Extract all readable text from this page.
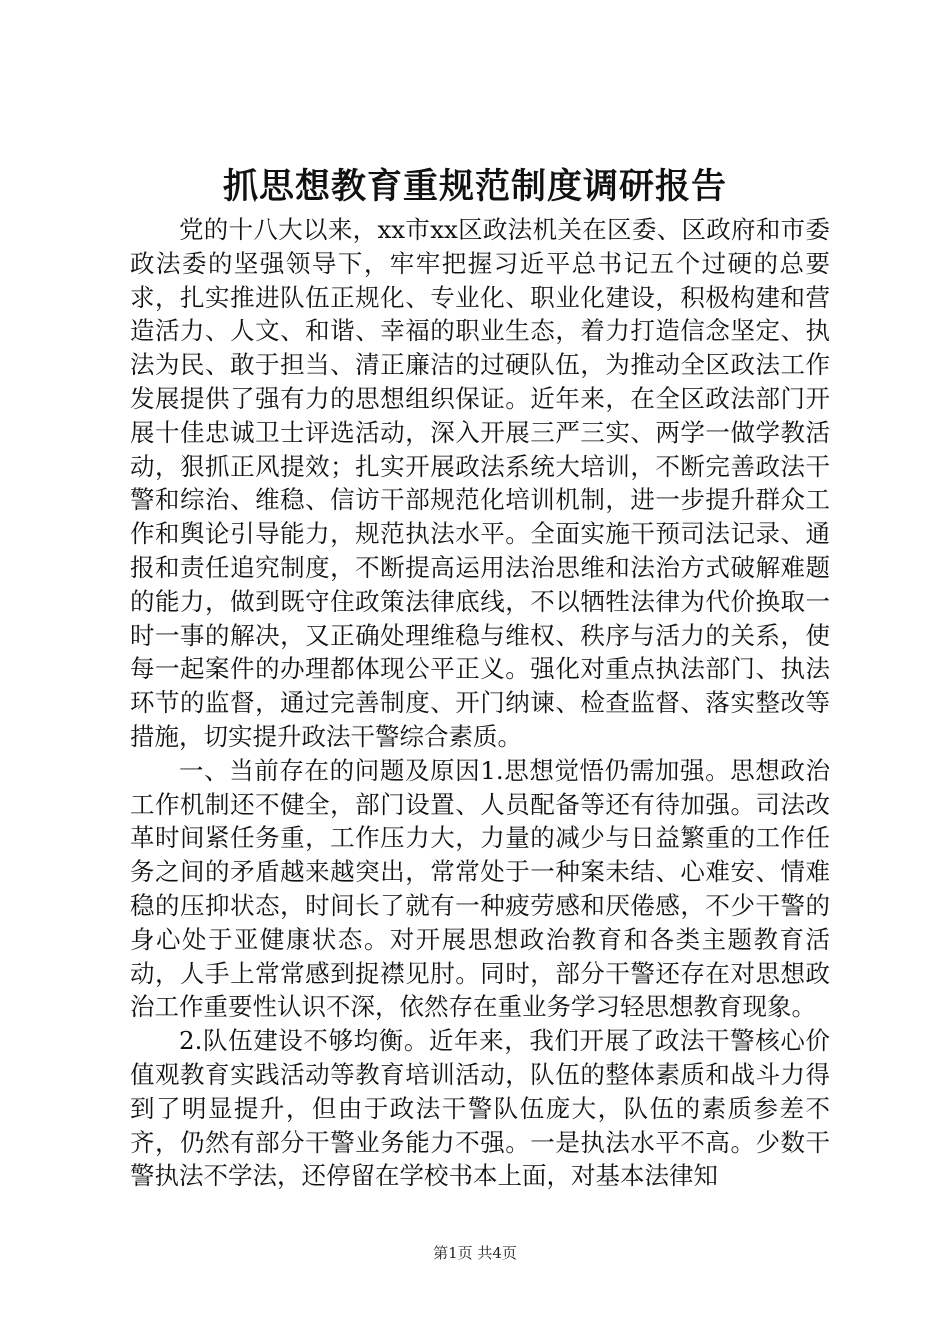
抓思想教育重规范制度调研报告

党的十八大以来，xx市xx区政法机关在区委、区政府和市委政法委的坚强领导下，牢牢把握习近平总书记五个过硬的总要求，扎实推进队伍正规化、专业化、职业化建设，积极构建和营造活力、人文、和谐、幸福的职业生态，着力打造信念坚定、执法为民、敢于担当、清正廉洁的过硬队伍，为推动全区政法工作发展提供了强有力的思想组织保证。近年来，在全区政法部门开展十佳忠诚卫士评选活动，深入开展三严三实、两学一做学教活动，狠抓正风提效；扎实开展政法系统大培训，不断完善政法干警和综治、维稳、信访干部规范化培训机制，进一步提升群众工作和舆论引导能力，规范执法水平。全面实施干预司法记录、通报和责任追究制度，不断提高运用法治思维和法治方式破解难题的能力，做到既守住政策法律底线，不以牺牲法律为代价换取一时一事的解决，又正确处理维稳与维权、秩序与活力的关系，使每一起案件的办理都体现公平正义。强化对重点执法部门、执法环节的监督，通过完善制度、开门纳谏、检查监督、落实整改等措施，切实提升政法干警综合素质。

一、当前存在的问题及原因1.思想觉悟仍需加强。思想政治工作机制还不健全，部门设置、人员配备等还有待加强。司法改革时间紧任务重，工作压力大，力量的减少与日益繁重的工作任务之间的矛盾越来越突出，常常处于一种案未结、心难安、情难稳的压抑状态，时间长了就有一种疲劳感和厌倦感，不少干警的身心处于亚健康状态。对开展思想政治教育和各类主题教育活动，人手上常常感到捉襟见肘。同时，部分干警还存在对思想政治工作重要性认识不深，依然存在重业务学习轻思想教育现象。

2.队伍建设不够均衡。近年来，我们开展了政法干警核心价值观教育实践活动等教育培训活动，队伍的整体素质和战斗力得到了明显提升，但由于政法干警队伍庞大，队伍的素质参差不齐，仍然有部分干警业务能力不强。一是执法水平不高。少数干警执法不学法，还停留在学校书本上面，对基本法律知

第1页 共4页
